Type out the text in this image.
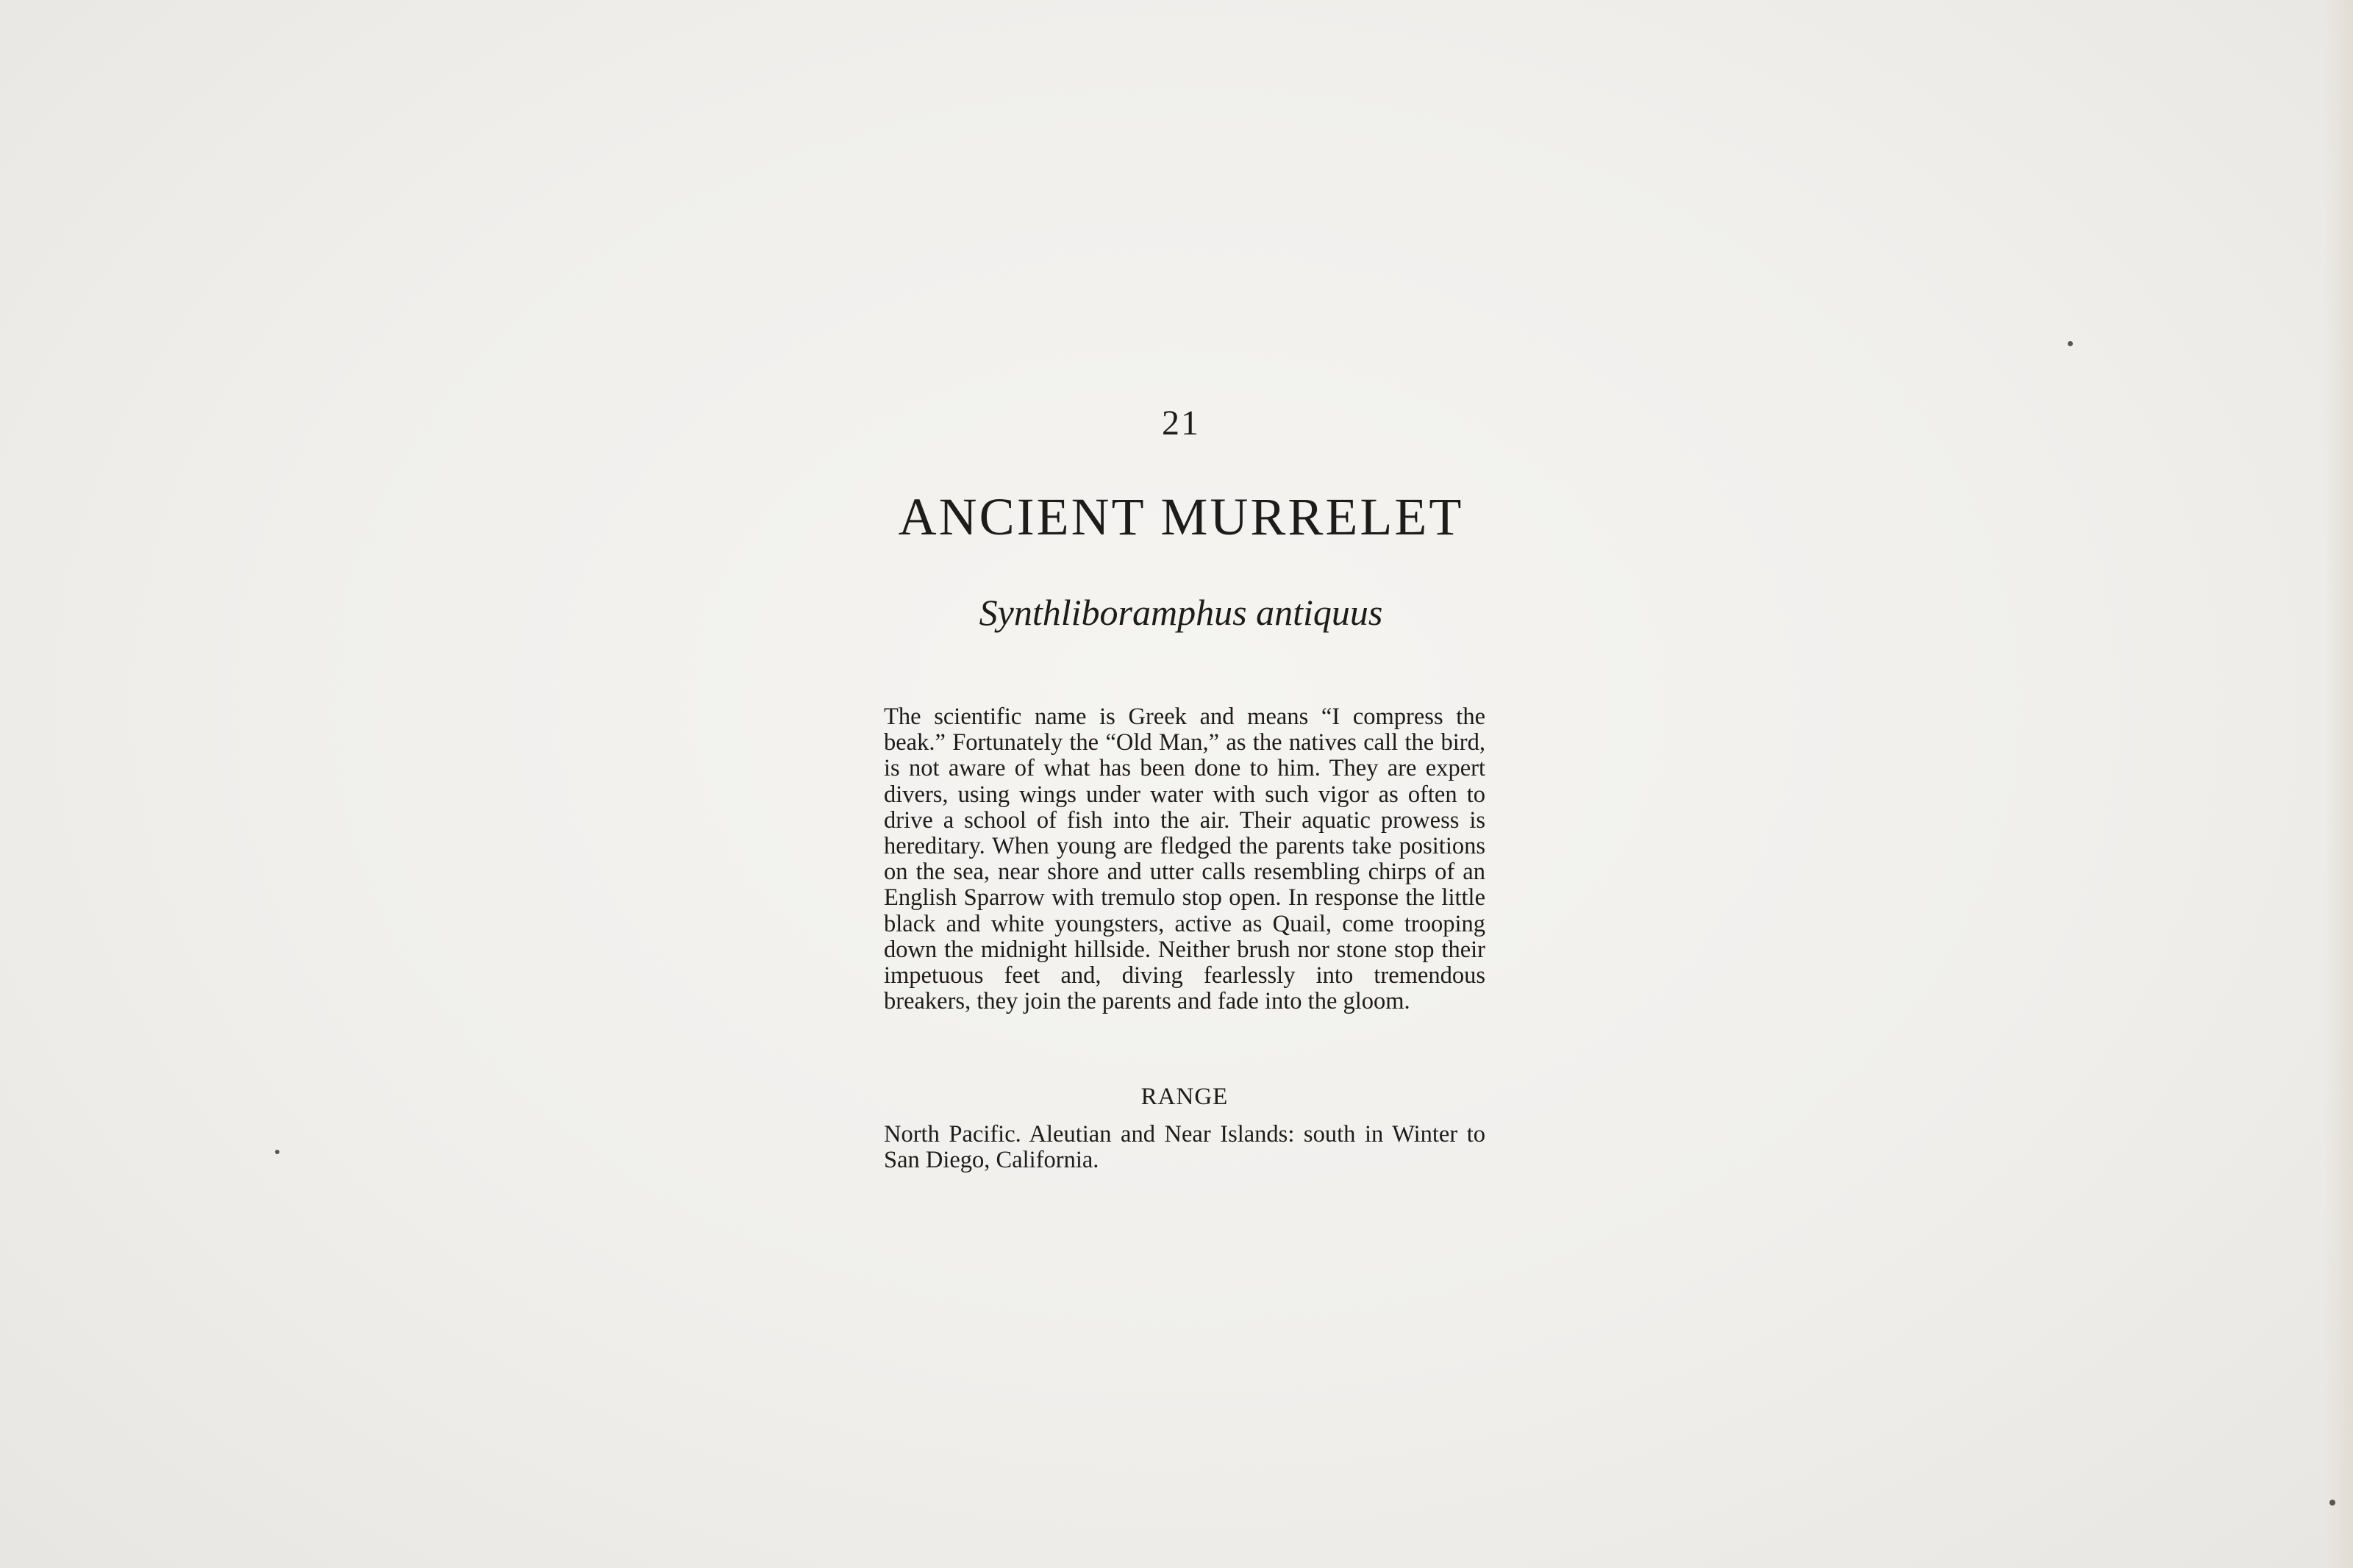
21
ANCIENT MURRELET
Synthliboramphus antiquus

The scientific name is Greek and means “I compress the beak.” Fortunately the “Old Man,” as the natives call the bird, is not aware of what has been done to him. They are expert divers, using wings under water with such vigor as often to drive a school of fish into the air. Their aquatic prowess is hereditary. When young are fledged the parents take positions on the sea, near shore and utter calls resembling chirps of an English Sparrow with tremulo stop open. In response the little black and white youngsters, active as Quail, come trooping down the midnight hillside. Neither brush nor stone stop their impetuous feet and, diving fearlessly into tremendous breakers, they join the parents and fade into the gloom.

RANGE

North Pacific. Aleutian and Near Islands: south in Winter to San Diego, California.
